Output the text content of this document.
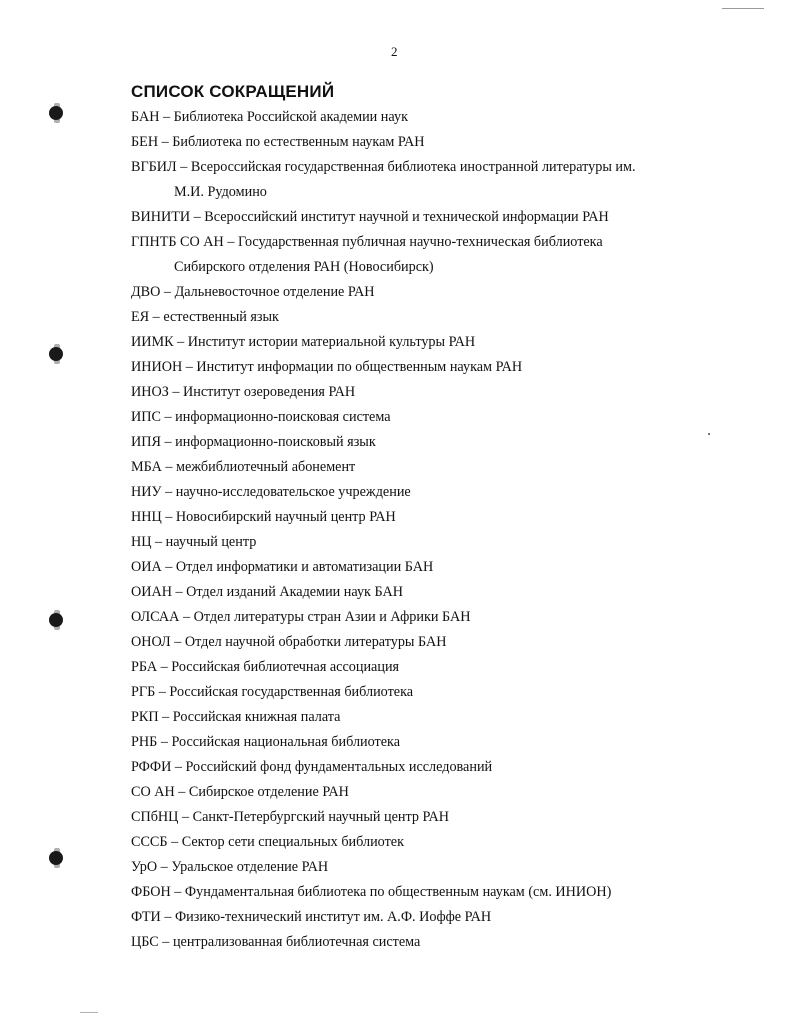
2
СПИСОК СОКРАЩЕНИЙ
БАН – Библиотека Российской академии наук
БЕН – Библиотека по естественным наукам РАН
ВГБИЛ – Всероссийская государственная библиотека иностранной литературы им.
М.И. Рудомино
ВИНИТИ – Всероссийский институт научной и технической информации РАН
ГПНТБ СО АН – Государственная публичная научно-техническая библиотека
Сибирского отделения РАН (Новосибирск)
ДВО – Дальневосточное отделение РАН
ЕЯ – естественный язык
ИИМК – Институт истории материальной культуры РАН
ИНИОН – Институт информации по общественным наукам РАН
ИНОЗ – Институт озероведения РАН
ИПС – информационно-поисковая система
ИПЯ – информационно-поисковый язык
МБА – межбиблиотечный абонемент
НИУ – научно-исследовательское учреждение
ННЦ – Новосибирский научный центр РАН
НЦ – научный центр
ОИА – Отдел информатики и автоматизации БАН
ОИАН – Отдел изданий Академии наук БАН
ОЛСАА – Отдел литературы стран Азии и Африки БАН
ОНОЛ – Отдел научной обработки литературы БАН
РБА – Российская библиотечная ассоциация
РГБ – Российская государственная библиотека
РКП – Российская книжная палата
РНБ – Российская национальная библиотека
РФФИ – Российский фонд фундаментальных исследований
СО АН – Сибирское отделение РАН
СПбНЦ – Санкт-Петербургский научный центр РАН
СССБ – Сектор сети специальных библиотек
УрО – Уральское отделение РАН
ФБОН – Фундаментальная библиотека по общественным наукам (см. ИНИОН)
ФТИ – Физико-технический институт им. А.Ф. Иоффе РАН
ЦБС – централизованная библиотечная система
